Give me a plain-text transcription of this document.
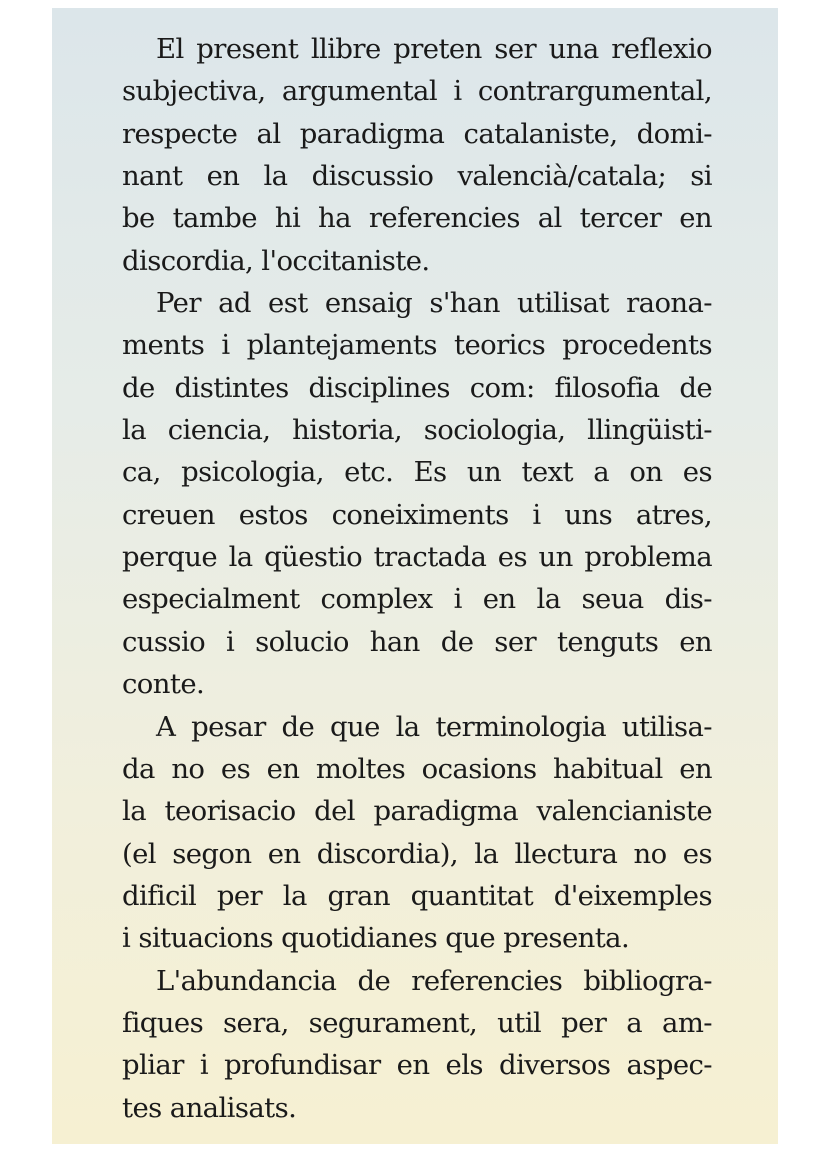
El present llibre preten ser una reflexio
subjectiva, argumental i contrargumental,
respecte al paradigma catalaniste, domi-
nant en la discussio valencià/catala; si
be tambe hi ha referencies al tercer en
discordia, l'occitaniste.
Per ad est ensaig s'han utilisat raona-
ments i plantejaments teorics procedents
de distintes disciplines com: filosofia de
la ciencia, historia, sociologia, llingüisti-
ca, psicologia, etc. Es un text a on es
creuen estos coneiximents i uns atres,
perque la qüestio tractada es un problema
especialment complex i en la seua dis-
cussio i solucio han de ser tenguts en
conte.
A pesar de que la terminologia utilisa-
da no es en moltes ocasions habitual en
la teorisacio del paradigma valencianiste
(el segon en discordia), la llectura no es
dificil per la gran quantitat d'eixemples
i situacions quotidianes que presenta.
L'abundancia de referencies bibliogra-
fiques sera, segurament, util per a am-
pliar i profundisar en els diversos aspec-
tes analisats.
